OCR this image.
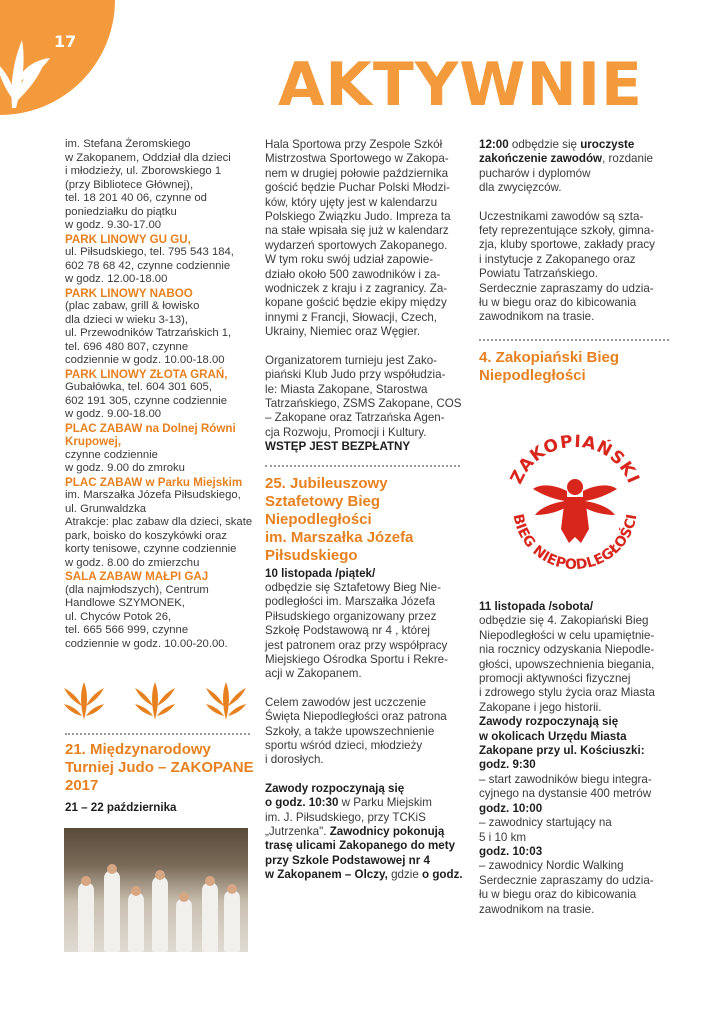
17
AKTYWNIE

im. Stefana Żeromskiego
w Zakopanem, Oddział dla dzieci
i młodzieży, ul. Zborowskiego 1
(przy Bibliotece Głównej),
tel. 18 201 40 06, czynne od
poniedziałku do piątku
w godz. 9.30-17.00

PARK LINOWY GU GU,

ul. Piłsudskiego, tel. 795 543 184,
602 78 68 42, czynne codziennie
w godz. 12.00-18.00

PARK LINOWY NABOO

(plac zabaw, grill & łowisko
dla dzieci w wieku 3-13),
ul. Przewodników Tatrzańskich 1,
tel. 696 480 807, czynne
codziennie w godz. 10.00-18.00

PARK LINOWY ZŁOTA GRAŃ,

Gubałówka, tel. 604 301 605,
602 191 305, czynne codziennie
w godz. 9.00-18.00

PLAC ZABAW na Dolnej Równi
Krupowej,

czynne codziennie
w godz. 9.00 do zmroku

PLAC ZABAW w Parku Miejskim

im. Marszałka Józefa Piłsudskiego,
ul. Grunwaldzka
Atrakcje: plac zabaw dla dzieci, skate
park, boisko do koszykówki oraz
korty tenisowe, czynne codziennie
w godz. 8.00 do zmierzchu

SALA ZABAW MAŁPI GAJ

(dla najmłodszych), Centrum
Handlowe SZYMONEK,
ul. Chyców Potok 26,
tel. 665 566 999, czynne
codziennie w godz. 10.00-20.00.

21. Międzynarodowy
Turniej Judo – ZAKOPANE
2017

21 – 22 października

Hala Sportowa przy Zespole Szkół
Mistrzostwa Sportowego w Zakopa-
nem w drugiej połowie października
gościć będzie Puchar Polski Młodzi-
ków, który ujęty jest w kalendarzu
Polskiego Związku Judo. Impreza ta
na stałe wpisała się już w kalendarz
wydarzeń sportowych Zakopanego.
W tym roku swój udział zapowie-
działo około 500 zawodników i za-
wodniczek z kraju i z zagranicy. Za-
kopane gościć będzie ekipy między
innymi z Francji, Słowacji, Czech,
Ukrainy, Niemiec oraz Węgier.

Organizatorem turnieju jest Zako-
piański Klub Judo przy współudzia-
le: Miasta Zakopane, Starostwa
Tatrzańskiego, ZSMS Zakopane, COS
– Zakopane oraz Tatrzańska Agen-
cja Rozwoju, Promocji i Kultury.

WSTĘP JEST BEZPŁATNY

25. Jubileuszowy
Sztafetowy Bieg
Niepodległości
im. Marszałka Józefa
Piłsudskiego

10 listopada /piątek/

odbędzie się Sztafetowy Bieg Nie-
podległości im. Marszałka Józefa
Piłsudskiego organizowany przez
Szkołę Podstawową nr 4 , której
jest patronem oraz przy współpracy
Miejskiego Ośrodka Sportu i Rekre-
acji w Zakopanem.

Celem zawodów jest uczczenie
Święta Niepodległości oraz patrona
Szkoły, a także upowszechnienie
sportu wśród dzieci, młodzieży
i dorosłych.

Zawody rozpoczynają się
o godz. 10:30 w Parku Miejskim
im. J. Piłsudskiego, przy TCKiS
„Jutrzenka". Zawodnicy pokonują
trasę ulicami Zakopanego do mety
przy Szkole Podstawowej nr 4
w Zakopanem – Olczy, gdzie o godz.

12:00 odbędzie się uroczyste
zakończenie zawodów, rozdanie
pucharów i dyplomów
dla zwycięzców.

Uczestnikami zawodów są szta-
fety reprezentujące szkoły, gimna-
zja, kluby sportowe, zakłady pracy
i instytucje z Zakopanego oraz
Powiatu Tatrzańskiego.
Serdecznie zapraszamy do udzia-
łu w biegu oraz do kibicowania
zawodnikom na trasie.

4. Zakopiański Bieg
Niepodległości

ZAKOPIAŃSKI
BIEG NIEPODLEGŁOŚCI

11 listopada /sobota/

odbędzie się 4. Zakopiański Bieg
Niepodległości w celu upamiętnie-
nia rocznicy odzyskania Niepodle-
głości, upowszechnienia biegania,
promocji aktywności fizycznej
i zdrowego stylu życia oraz Miasta
Zakopane i jego historii.

Zawody rozpoczynają się
w okolicach Urzędu Miasta
Zakopane przy ul. Kościuszki:

godz. 9:30

– start zawodników biegu integra-
cyjnego na dystansie 400 metrów

godz. 10:00

– zawodnicy startujący na
5 i 10 km

godz. 10:03

– zawodnicy Nordic Walking

Serdecznie zapraszamy do udzia-
łu w biegu oraz do kibicowania
zawodnikom na trasie.
